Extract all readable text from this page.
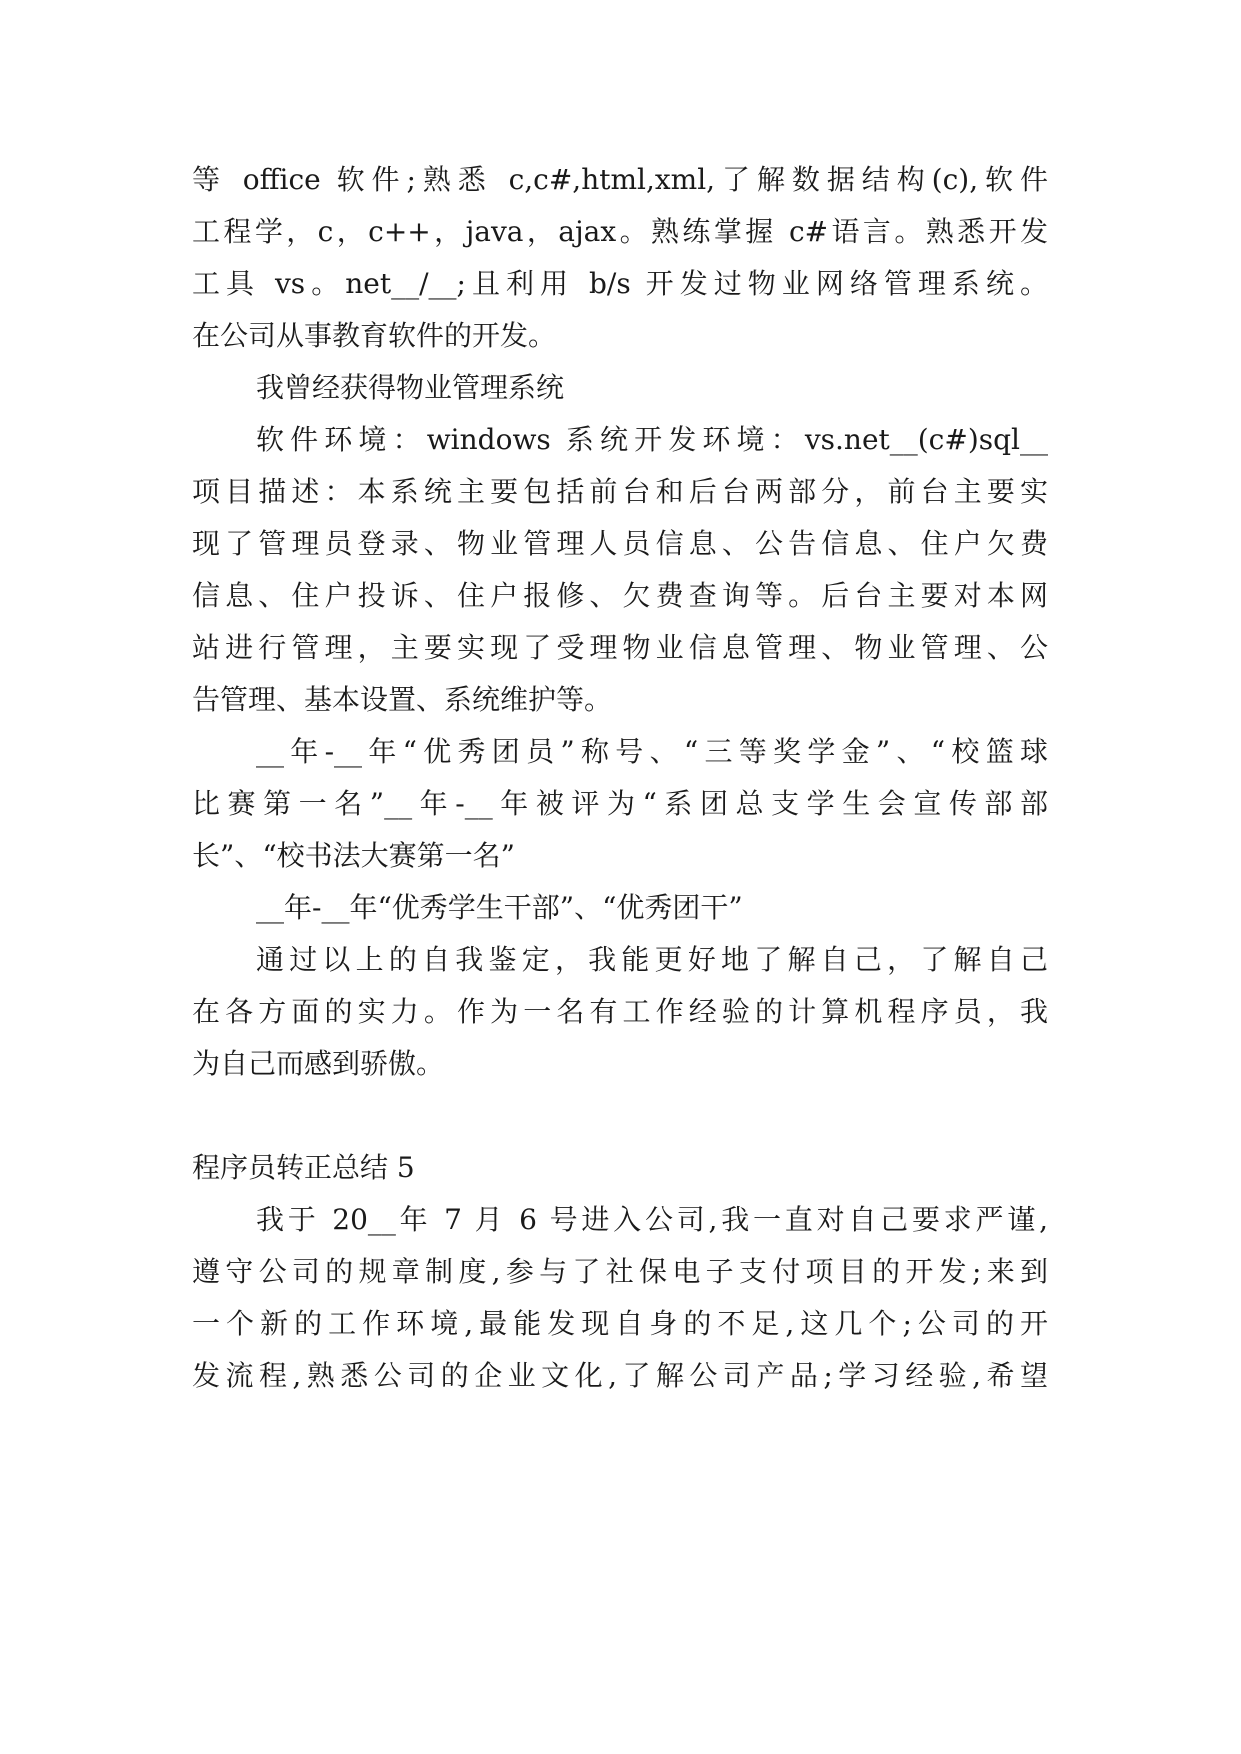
等 office 软件;熟悉 c,c#,html,xml,了解数据结构(c),软件
工程学，c，c++，java，ajax。熟练掌握 c#语言。熟悉开发
工具 vs。net__/__;且利用 b/s 开发过物业网络管理系统。
在公司从事教育软件的开发。
我曾经获得物业管理系统
软件环境：windows 系统开发环境：vs.net__(c#)sql__
项目描述：本系统主要包括前台和后台两部分，前台主要实
现了管理员登录、物业管理人员信息、公告信息、住户欠费
信息、住户投诉、住户报修、欠费查询等。后台主要对本网
站进行管理，主要实现了受理物业信息管理、物业管理、公
告管理、基本设置、系统维护等。
__年-__年“优秀团员”称号、“三等奖学金”、“校篮球
比赛第一名”__年-__年被评为“系团总支学生会宣传部部
长”、“校书法大赛第一名”
__年-__年“优秀学生干部”、“优秀团干”
通过以上的自我鉴定，我能更好地了解自己，了解自己
在各方面的实力。作为一名有工作经验的计算机程序员，我
为自己而感到骄傲。
程序员转正总结 5
我于 20__年 7 月 6 号进入公司,我一直对自己要求严谨,
遵守公司的规章制度,参与了社保电子支付项目的开发;来到
一个新的工作环境,最能发现自身的不足,这几个;公司的开
发流程,熟悉公司的企业文化,了解公司产品;学习经验,希望
